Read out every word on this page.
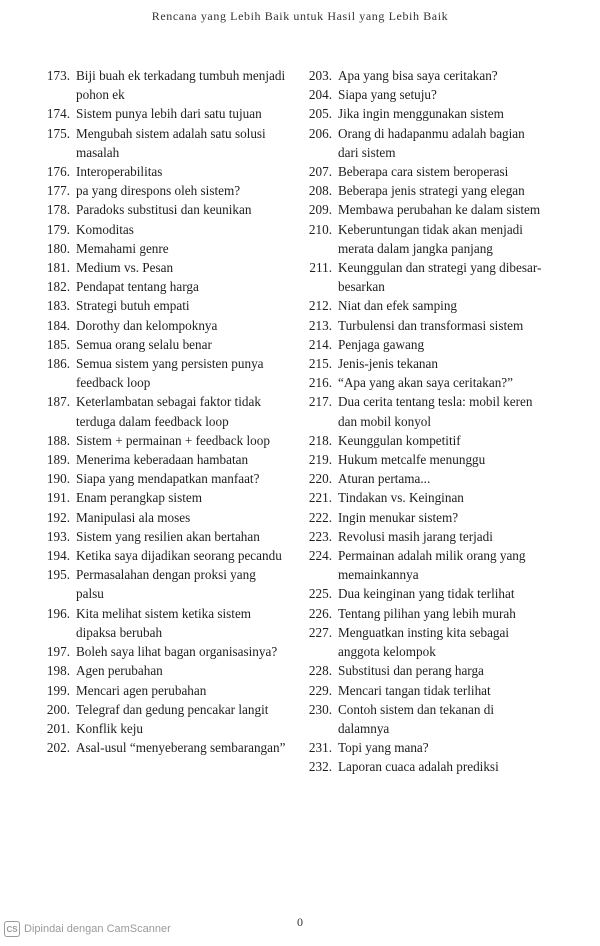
Rencana yang Lebih Baik untuk Hasil yang Lebih Baik
173. Biji buah ek terkadang tumbuh menjadi pohon ek
174. Sistem punya lebih dari satu tujuan
175. Mengubah sistem adalah satu solusi masalah
176. Interoperabilitas
177. pa yang direspons oleh sistem?
178. Paradoks substitusi dan keunikan
179. Komoditas
180. Memahami genre
181. Medium vs. Pesan
182. Pendapat tentang harga
183. Strategi butuh empati
184. Dorothy dan kelompoknya
185. Semua orang selalu benar
186. Semua sistem yang persisten punya feedback loop
187. Keterlambatan sebagai faktor tidak terduga dalam feedback loop
188. Sistem + permainan + feedback loop
189. Menerima keberadaan hambatan
190. Siapa yang mendapatkan manfaat?
191. Enam perangkap sistem
192. Manipulasi ala moses
193. Sistem yang resilien akan bertahan
194. Ketika saya dijadikan seorang pecandu
195. Permasalahan dengan proksi yang palsu
196. Kita melihat sistem ketika sistem dipaksa berubah
197. Boleh saya lihat bagan organisasinya?
198. Agen perubahan
199. Mencari agen perubahan
200. Telegraf dan gedung pencakar langit
201. Konflik keju
202. Asal-usul “menyeberang sembarangan”
203. Apa yang bisa saya ceritakan?
204. Siapa yang setuju?
205. Jika ingin menggunakan sistem
206. Orang di hadapanmu adalah bagian dari sistem
207. Beberapa cara sistem beroperasi
208. Beberapa jenis strategi yang elegan
209. Membawa perubahan ke dalam sistem
210. Keberuntungan tidak akan menjadi merata dalam jangka panjang
211. Keunggulan dan strategi yang dibesar-besarkan
212. Niat dan efek samping
213. Turbulensi dan transformasi sistem
214. Penjaga gawang
215. Jenis-jenis tekanan
216. “Apa yang akan saya ceritakan?”
217. Dua cerita tentang tesla: mobil keren dan mobil konyol
218. Keunggulan kompetitif
219. Hukum metcalfe menunggu
220. Aturan pertama...
221. Tindakan vs. Keinginan
222. Ingin menukar sistem?
223. Revolusi masih jarang terjadi
224. Permainan adalah milik orang yang memainkannya
225. Dua keinginan yang tidak terlihat
226. Tentang pilihan yang lebih murah
227. Menguatkan insting kita sebagai anggota kelompok
228. Substitusi dan perang harga
229. Mencari tangan tidak terlihat
230. Contoh sistem dan tekanan di dalamnya
231. Topi yang mana?
232. Laporan cuaca adalah prediksi
0
CS Dipindai dengan CamScanner
